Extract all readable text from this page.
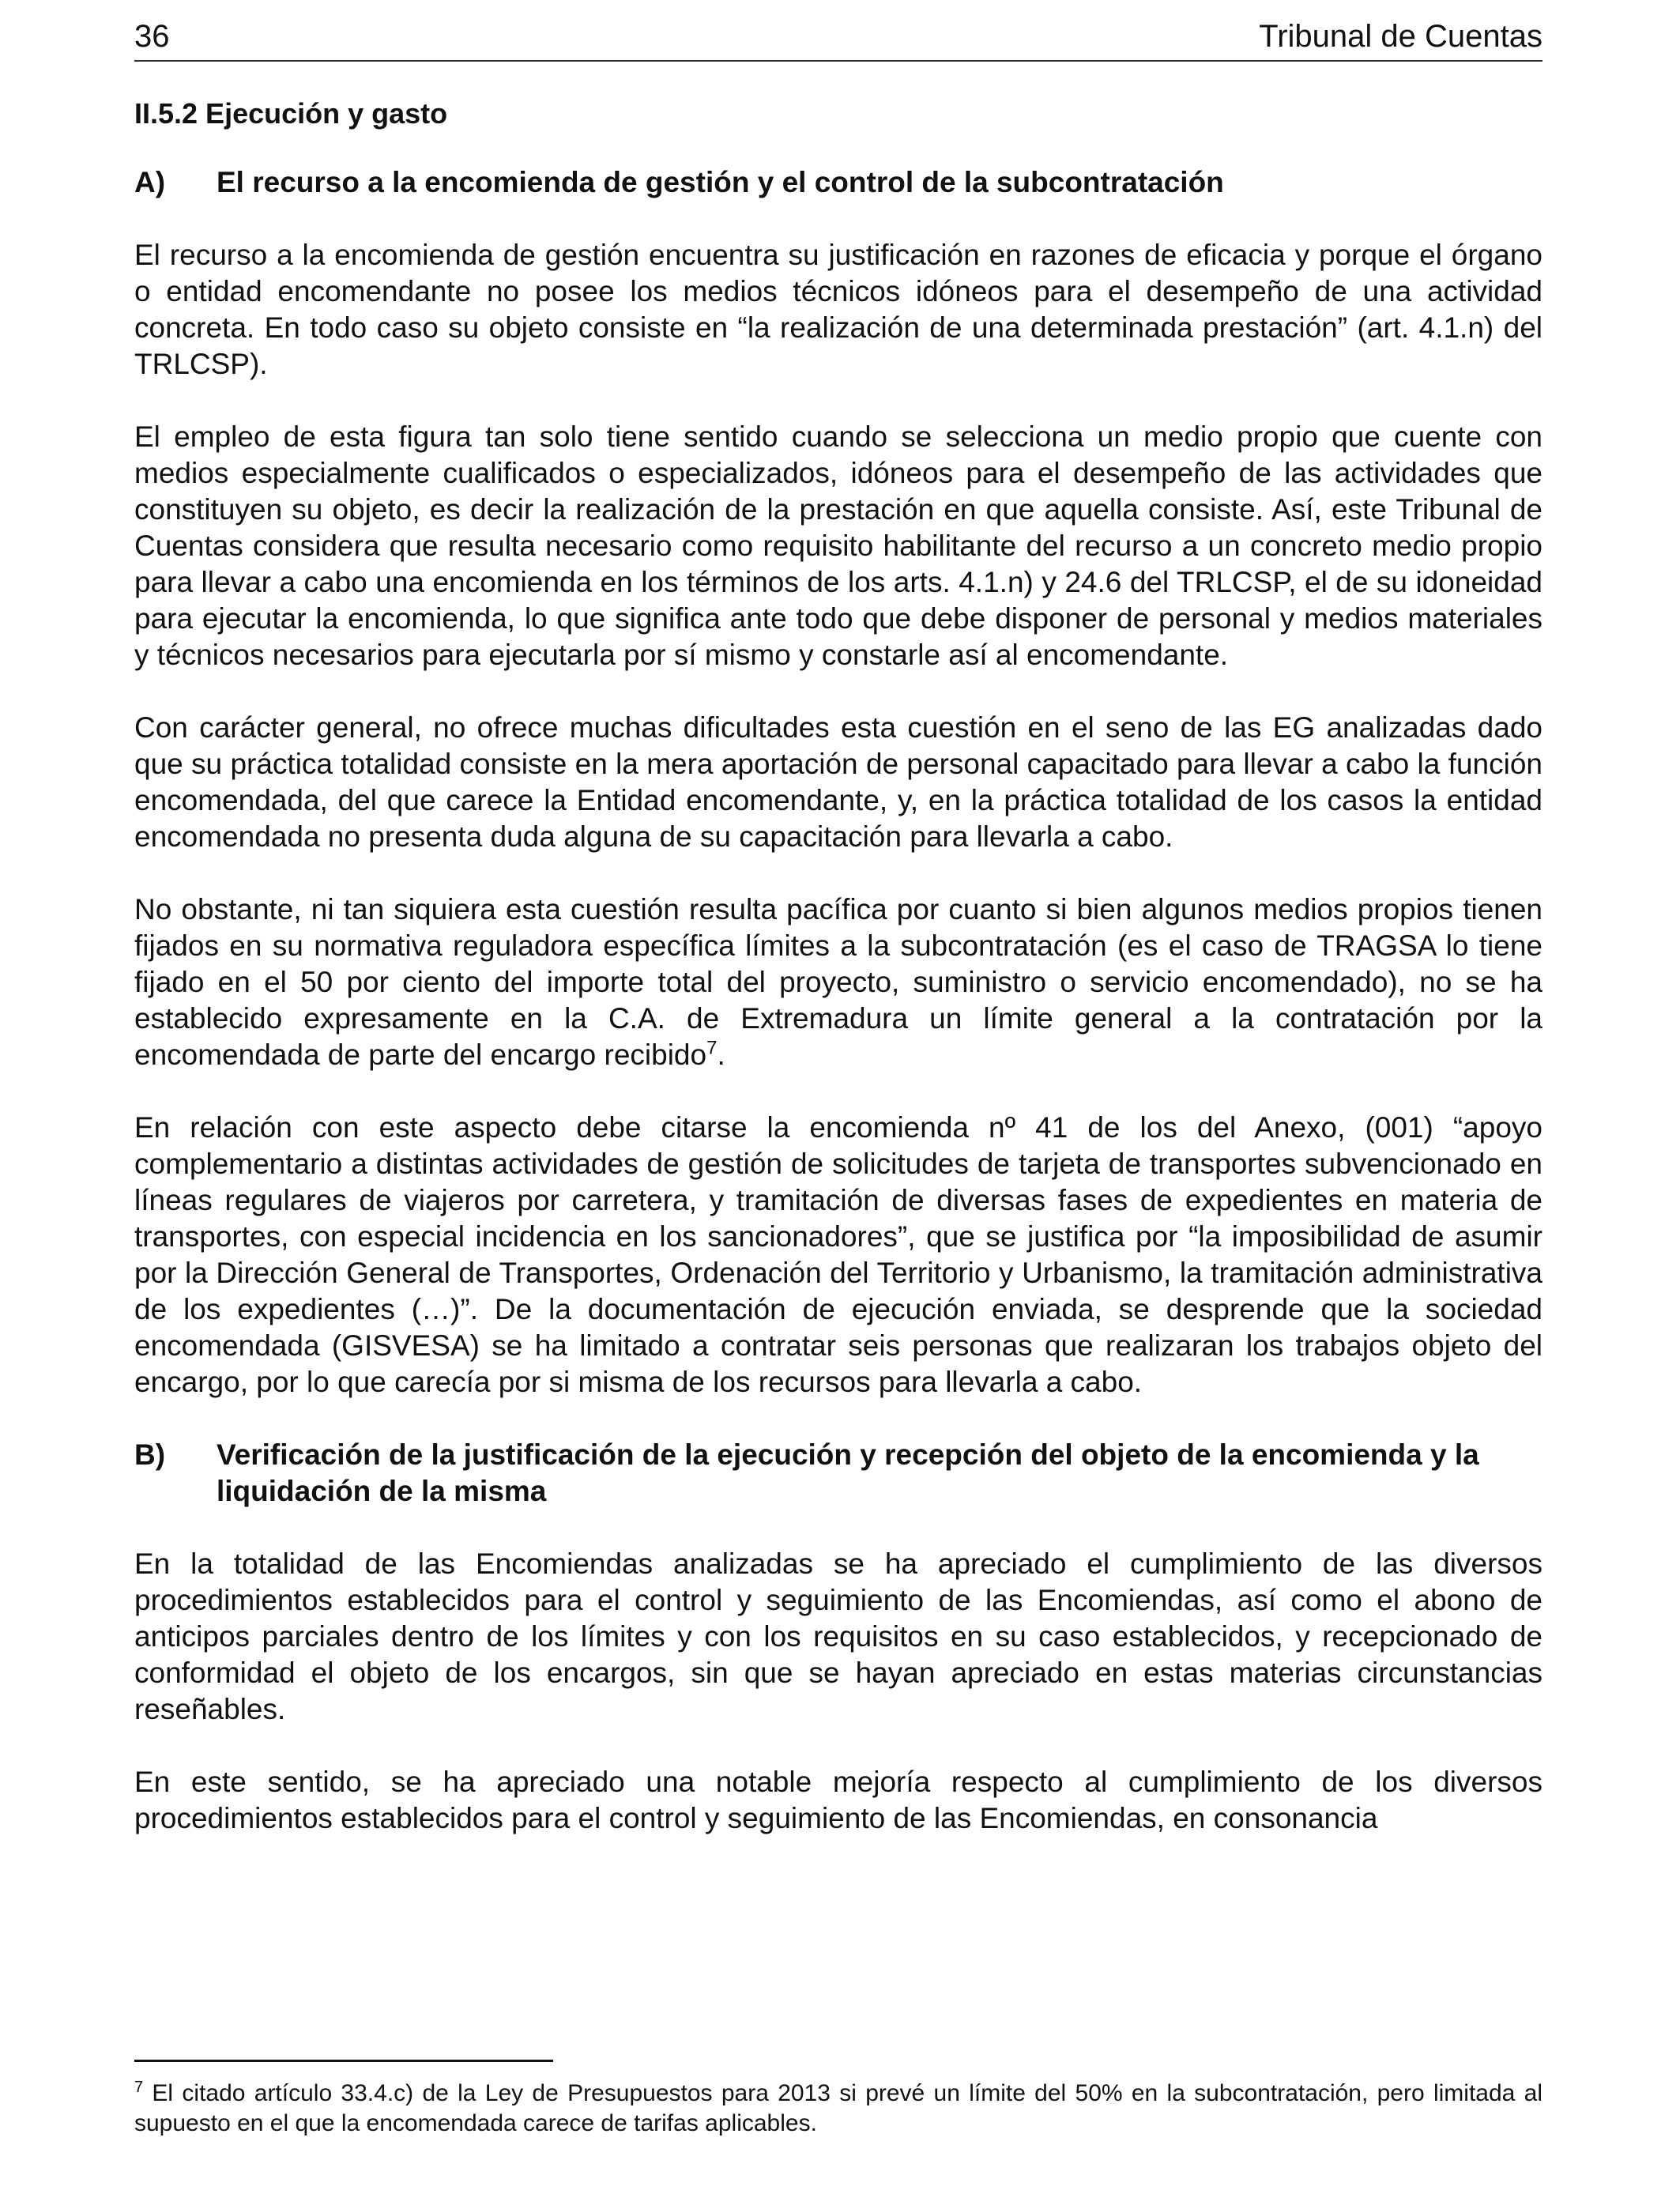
36	Tribunal de Cuentas
II.5.2 Ejecución y gasto
A)	El recurso a la encomienda de gestión y el control de la subcontratación

El recurso a la encomienda de gestión encuentra su justificación en razones de eficacia y porque el órgano o entidad encomendante no posee los medios técnicos idóneos para el desempeño de una actividad concreta. En todo caso su objeto consiste en “la realización de una determinada prestación” (art. 4.1.n) del TRLCSP).

El empleo de esta figura tan solo tiene sentido cuando se selecciona un medio propio que cuente con medios especialmente cualificados o especializados, idóneos para el desempeño de las actividades que constituyen su objeto, es decir la realización de la prestación en que aquella consiste. Así, este Tribunal de Cuentas considera que resulta necesario como requisito habilitante del recurso a un concreto medio propio para llevar a cabo una encomienda en los términos de los arts. 4.1.n) y 24.6 del TRLCSP, el de su idoneidad para ejecutar la encomienda, lo que significa ante todo que debe disponer de personal y medios materiales y técnicos necesarios para ejecutarla por sí mismo y constarle así al encomendante.

Con carácter general, no ofrece muchas dificultades esta cuestión en el seno de las EG analizadas dado que su práctica totalidad consiste en la mera aportación de personal capacitado para llevar a cabo la función encomendada, del que carece la Entidad encomendante, y, en la práctica totalidad de los casos la entidad encomendada no presenta duda alguna de su capacitación para llevarla a cabo.

No obstante, ni tan siquiera esta cuestión resulta pacífica por cuanto si bien algunos medios propios tienen fijados en su normativa reguladora específica límites a la subcontratación (es el caso de TRAGSA lo tiene fijado en el 50 por ciento del importe total del proyecto, suministro o servicio encomendado), no se ha establecido expresamente en la C.A. de Extremadura un límite general a la contratación por la encomendada de parte del encargo recibido$^7$.

En relación con este aspecto debe citarse la encomienda nº 41 de los del Anexo, (001) “apoyo complementario a distintas actividades de gestión de solicitudes de tarjeta de transportes subvencionado en líneas regulares de viajeros por carretera, y tramitación de diversas fases de expedientes en materia de transportes, con especial incidencia en los sancionadores”, que se justifica por “la imposibilidad de asumir por la Dirección General de Transportes, Ordenación del Territorio y Urbanismo, la tramitación administrativa de los expedientes (…)”. De la documentación de ejecución enviada, se desprende que la sociedad encomendada (GISVESA) se ha limitado a contratar seis personas que realizaran los trabajos objeto del encargo, por lo que carecía por si misma de los recursos para llevarla a cabo.

B)	Verificación de la justificación de la ejecución y recepción del objeto de la encomienda y la liquidación de la misma

En la totalidad de las Encomiendas analizadas se ha apreciado el cumplimiento de las diversos procedimientos establecidos para el control y seguimiento de las Encomiendas, así como el abono de anticipos parciales dentro de los límites y con los requisitos en su caso establecidos, y recepcionado de conformidad el objeto de los encargos, sin que se hayan apreciado en estas materias circunstancias reseñables.

En este sentido, se ha apreciado una notable mejoría respecto al cumplimiento de los diversos procedimientos establecidos para el control y seguimiento de las Encomiendas, en consonancia

$^7$ El citado artículo 33.4.c) de la Ley de Presupuestos para 2013 si prevé un límite del 50% en la subcontratación, pero limitada al supuesto en el que la encomendada carece de tarifas aplicables.
